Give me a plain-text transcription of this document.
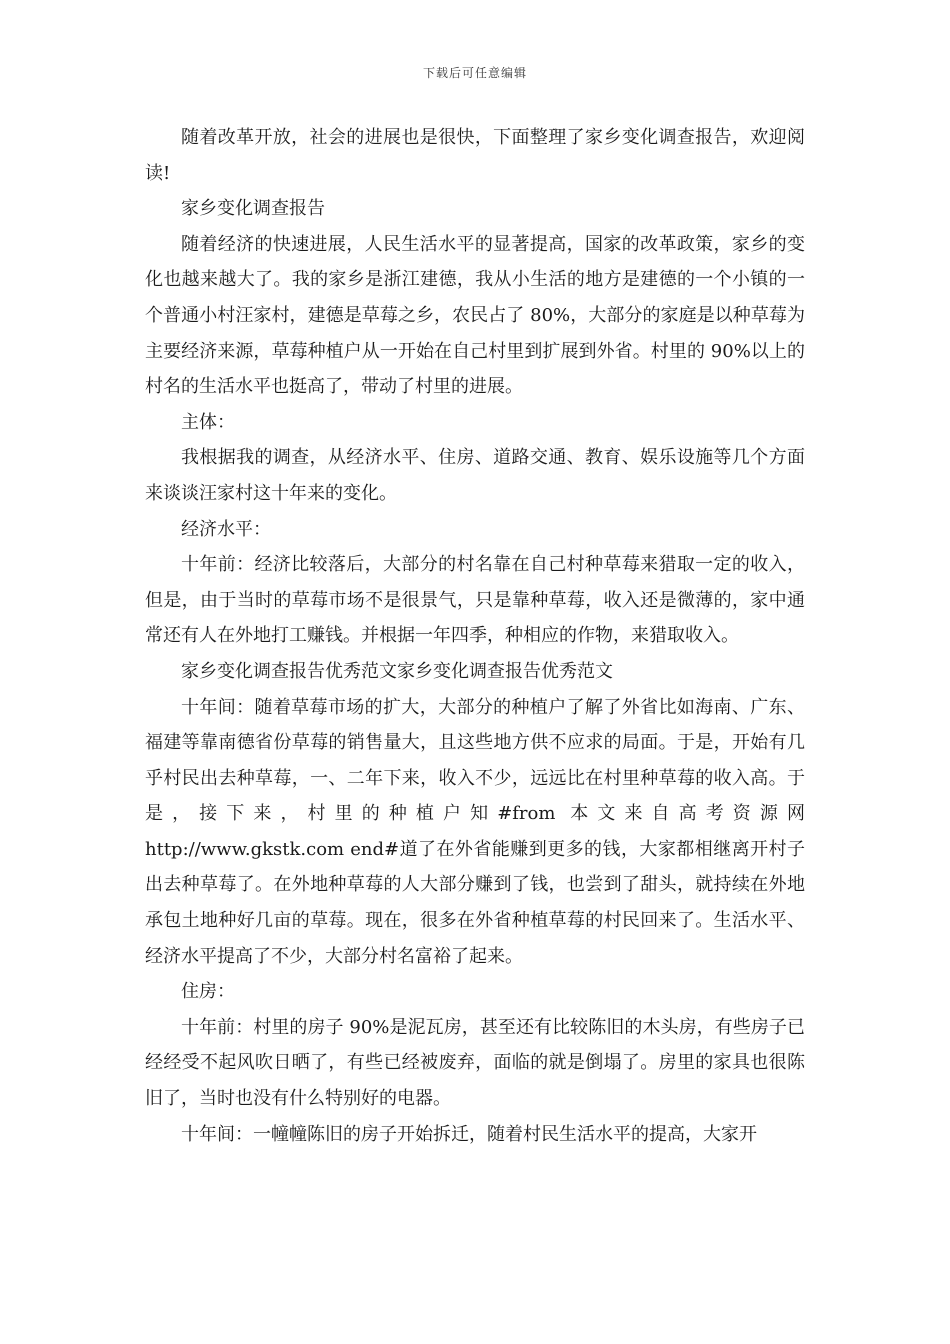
下载后可任意编辑

随着改革开放，社会的进展也是很快，下面整理了家乡变化调查报告，欢迎阅读!

家乡变化调查报告

随着经济的快速进展，人民生活水平的显著提高，国家的改革政策，家乡的变化也越来越大了。我的家乡是浙江建德，我从小生活的地方是建德的一个小镇的一个普通小村汪家村，建德是草莓之乡，农民占了 80%，大部分的家庭是以种草莓为主要经济来源，草莓种植户从一开始在自己村里到扩展到外省。村里的 90%以上的村名的生活水平也挺高了，带动了村里的进展。

主体：

我根据我的调查，从经济水平、住房、道路交通、教育、娱乐设施等几个方面来谈谈汪家村这十年来的变化。

经济水平：

十年前：经济比较落后，大部分的村名靠在自己村种草莓来猎取一定的收入，但是，由于当时的草莓市场不是很景气，只是靠种草莓，收入还是微薄的，家中通常还有人在外地打工赚钱。并根据一年四季，种相应的作物，来猎取收入。

家乡变化调查报告优秀范文家乡变化调查报告优秀范文

十年间：随着草莓市场的扩大，大部分的种植户了解了外省比如海南、广东、福建等靠南德省份草莓的销售量大，且这些地方供不应求的局面。于是，开始有几乎村民出去种草莓，一、二年下来，收入不少，远远比在村里种草莓的收入高。于是，接下来，村里的种植户知#from 本文来自高考资源网 http://www.gkstk.com end#道了在外省能赚到更多的钱，大家都相继离开村子出去种草莓了。在外地种草莓的人大部分赚到了钱，也尝到了甜头，就持续在外地承包土地种好几亩的草莓。现在，很多在外省种植草莓的村民回来了。生活水平、经济水平提高了不少，大部分村名富裕了起来。

住房：

十年前：村里的房子 90%是泥瓦房，甚至还有比较陈旧的木头房，有些房子已经经受不起风吹日晒了，有些已经被废弃，面临的就是倒塌了。房里的家具也很陈旧了，当时也没有什么特别好的电器。

十年间：一幢幢陈旧的房子开始拆迁，随着村民生活水平的提高，大家开
